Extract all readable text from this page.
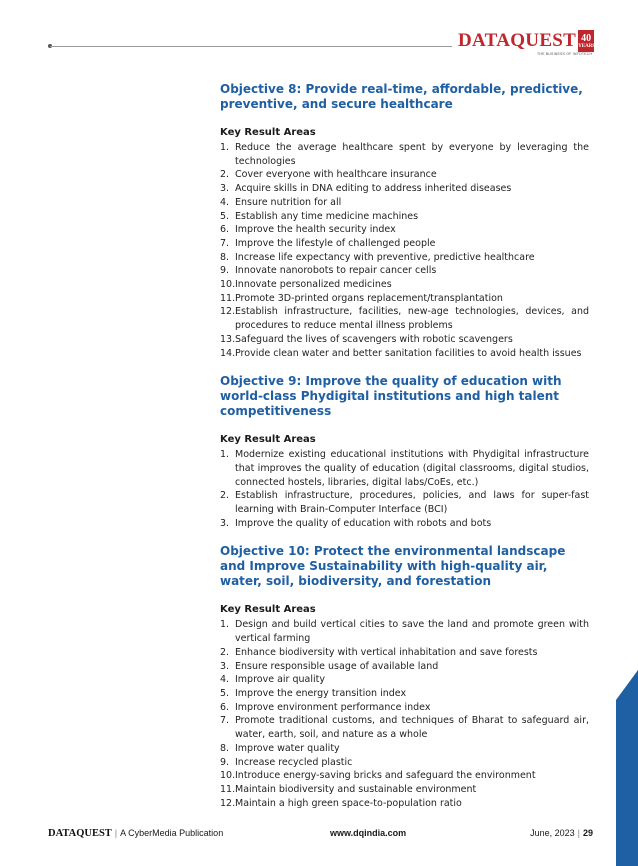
DATAQUEST 40
YEARS
THE BUSINESS OF INFOTECH
Objective 8: Provide real-time, affordable, predictive, preventive, and secure healthcare
Key Result Areas
1. Reduce the average healthcare spent by everyone by leveraging the technologies
2. Cover everyone with healthcare insurance
3. Acquire skills in DNA editing to address inherited diseases
4. Ensure nutrition for all
5. Establish any time medicine machines
6. Improve the health security index
7. Improve the lifestyle of challenged people
8. Increase life expectancy with preventive, predictive healthcare
9. Innovate nanorobots to repair cancer cells
10. Innovate personalized medicines
11. Promote 3D-printed organs replacement/transplantation
12. Establish infrastructure, facilities, new-age technologies, devices, and procedures to reduce mental illness problems
13. Safeguard the lives of scavengers with robotic scavengers
14. Provide clean water and better sanitation facilities to avoid health issues
Objective 9: Improve the quality of education with world-class Phydigital institutions and high talent competitiveness
Key Result Areas
1. Modernize existing educational institutions with Phydigital infrastructure that improves the quality of education (digital classrooms, digital studios, connected hostels, libraries, digital labs/CoEs, etc.)
2. Establish infrastructure, procedures, policies, and laws for super-fast learning with Brain-Computer Interface (BCI)
3. Improve the quality of education with robots and bots
Objective 10: Protect the environmental landscape and Improve Sustainability with high-quality air, water, soil, biodiversity, and forestation
Key Result Areas
1. Design and build vertical cities to save the land and promote green with vertical farming
2. Enhance biodiversity with vertical inhabitation and save forests
3. Ensure responsible usage of available land
4. Improve air quality
5. Improve the energy transition index
6. Improve environment performance index
7. Promote traditional customs, and techniques of Bharat to safeguard air, water, earth, soil, and nature as a whole
8. Improve water quality
9. Increase recycled plastic
10. Introduce energy-saving bricks and safeguard the environment
11. Maintain biodiversity and sustainable environment
12. Maintain a high green space-to-population ratio
DATAQUEST | A CyberMedia Publication	www.dqindia.com	June, 2023 | 29
